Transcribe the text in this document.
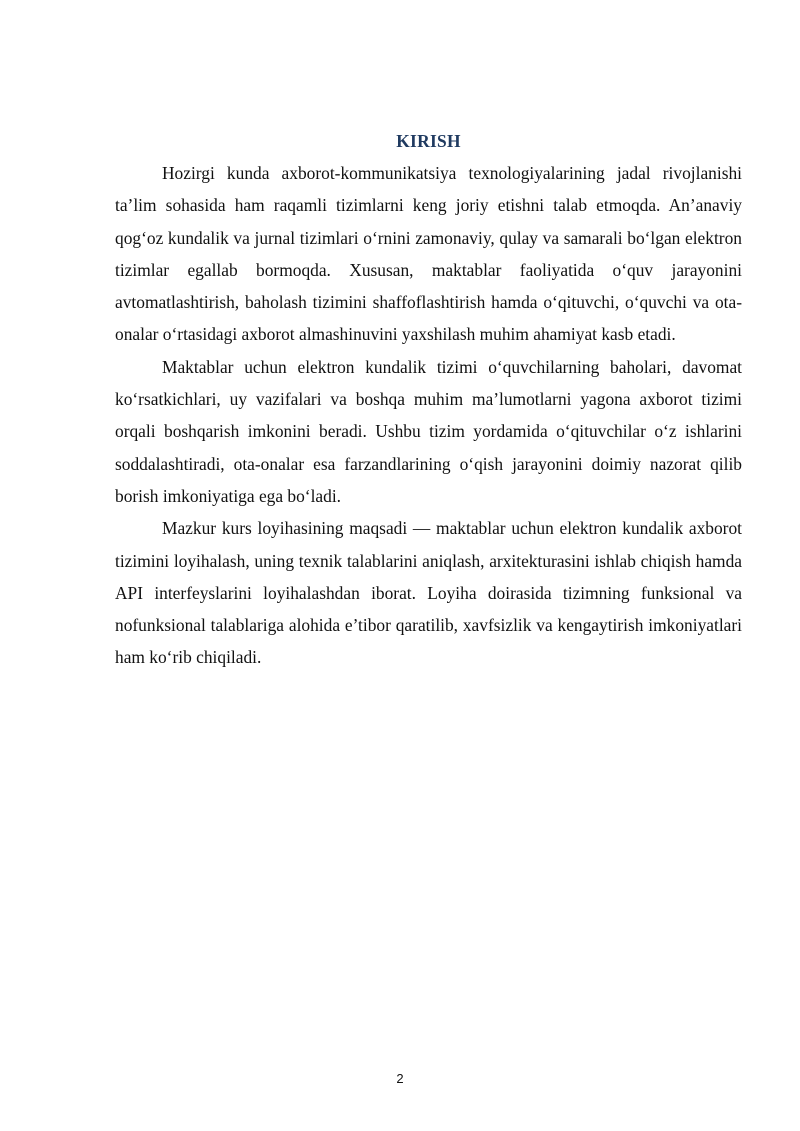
KIRISH

Hozirgi kunda axborot-kommunikatsiya texnologiyalarining jadal rivojlanishi ta’lim sohasida ham raqamli tizimlarni keng joriy etishni talab etmoqda. An’anaviy qog‘oz kundalik va jurnal tizimlari o‘rnini zamonaviy, qulay va samarali bo‘lgan elektron tizimlar egallab bormoqda. Xususan, maktablar faoliyatida o‘quv jarayonini avtomatlashtirish, baholash tizimini shaffoflashtirish hamda o‘qituvchi, o‘quvchi va ota-onalar o‘rtasidagi axborot almashinuvini yaxshilash muhim ahamiyat kasb etadi.

Maktablar uchun elektron kundalik tizimi o‘quvchilarning baholari, davomat ko‘rsatkichlari, uy vazifalari va boshqa muhim ma’lumotlarni yagona axborot tizimi orqali boshqarish imkonini beradi. Ushbu tizim yordamida o‘qituvchilar o‘z ishlarini soddalashtiradi, ota-onalar esa farzandlarining o‘qish jarayonini doimiy nazorat qilib borish imkoniyatiga ega bo‘ladi.

Mazkur kurs loyihasining maqsadi — maktablar uchun elektron kundalik axborot tizimini loyihalash, uning texnik talablarini aniqlash, arxitekturasini ishlab chiqish hamda API interfeyslarini loyihalashdan iborat. Loyiha doirasida tizimning funksional va nofunksional talablariga alohida e’tibor qaratilib, xavfsizlik va kengaytirish imkoniyatlari ham ko‘rib chiqiladi.

2
